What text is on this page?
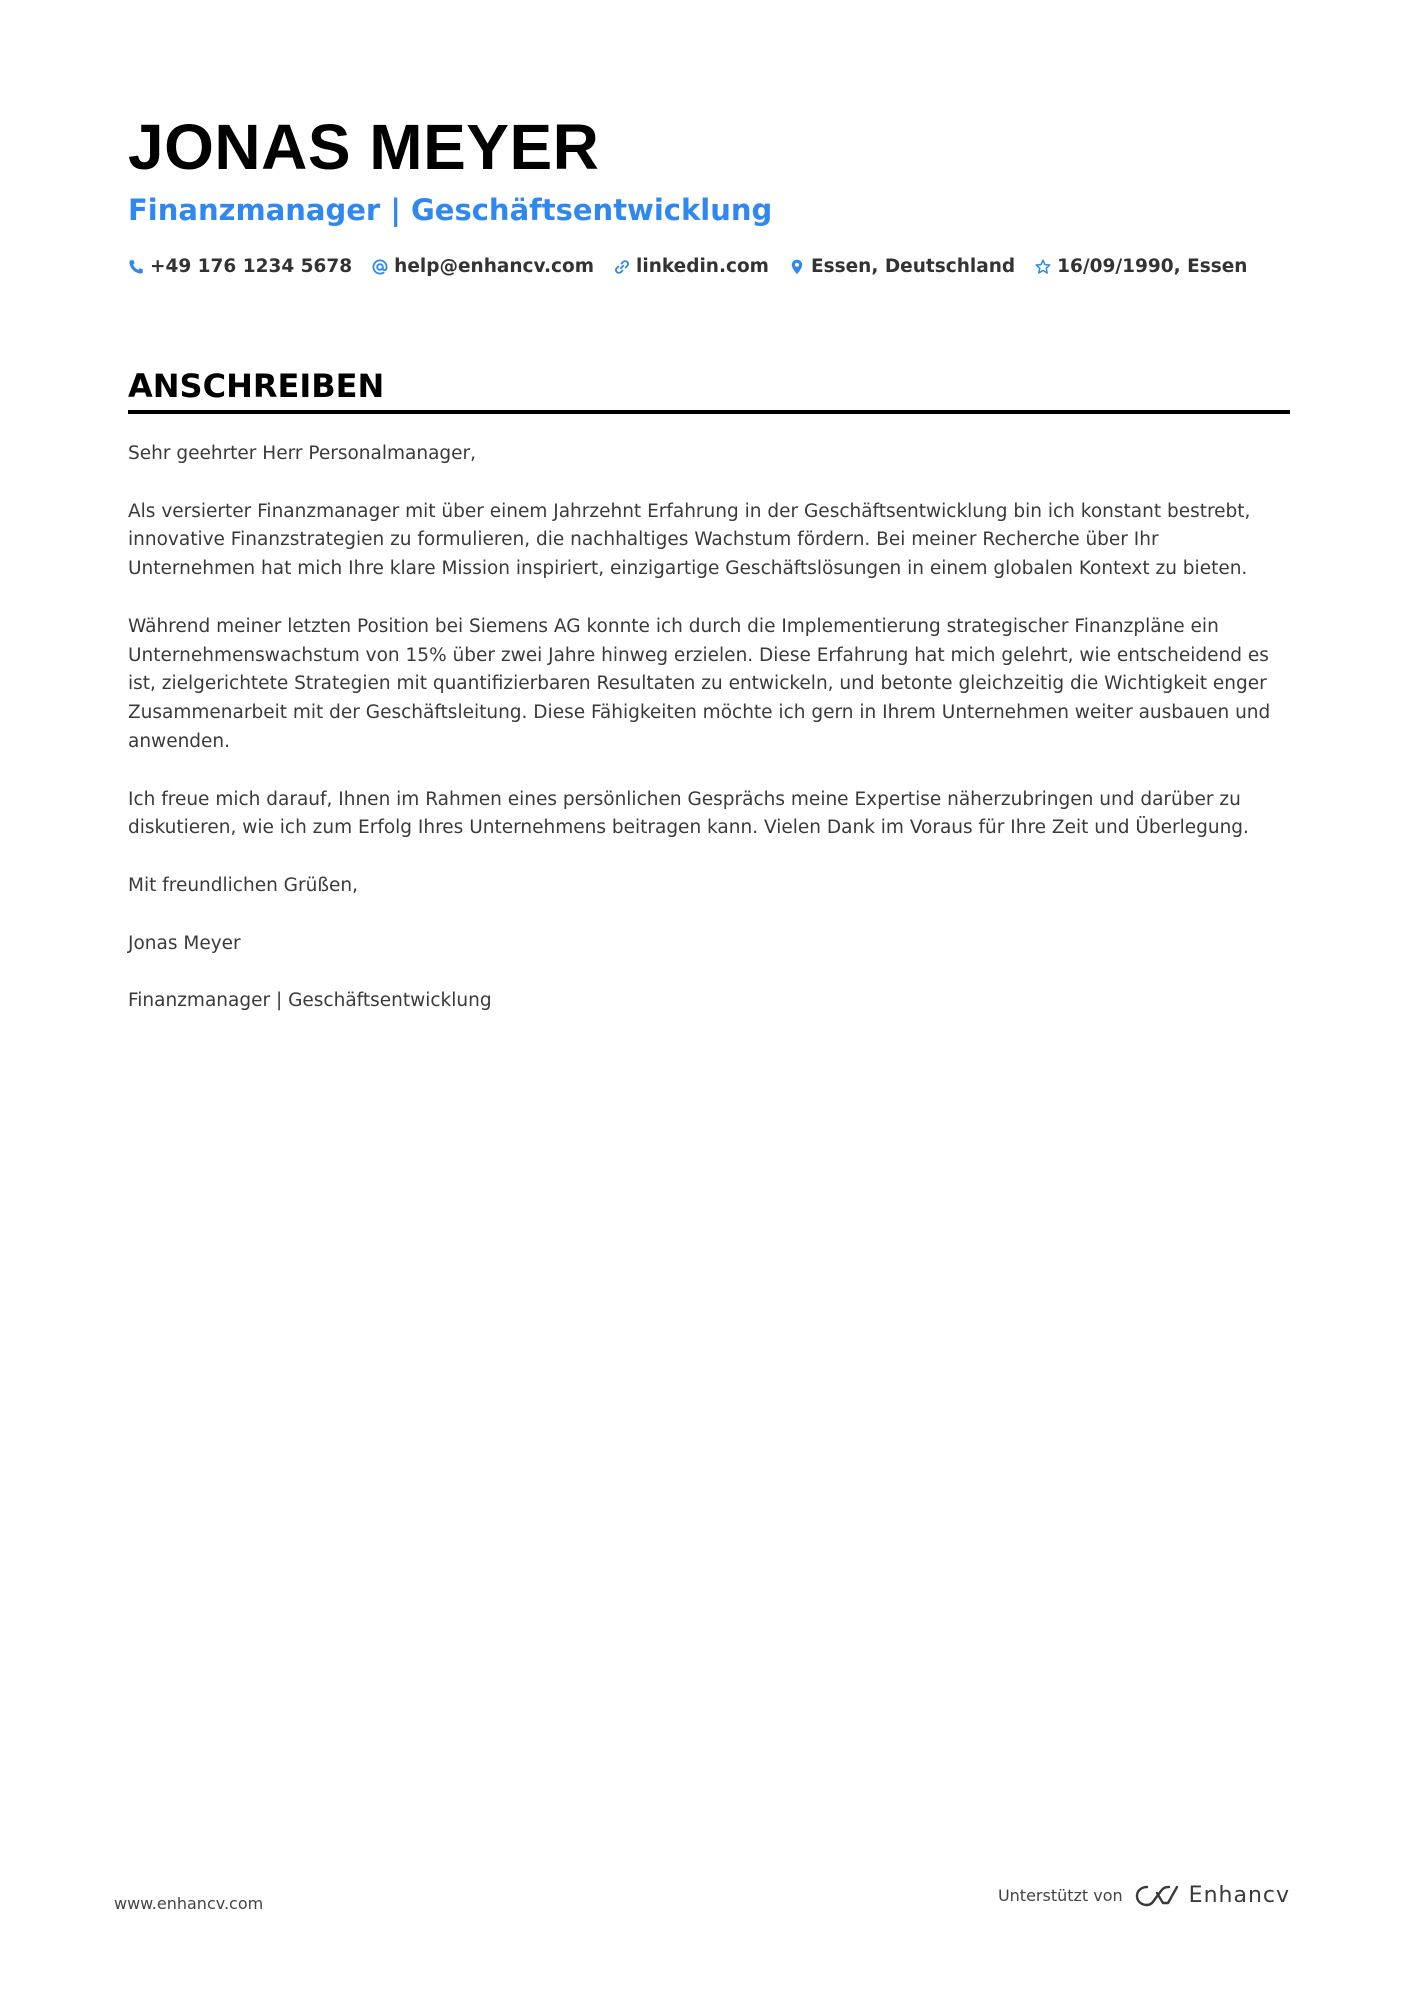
JONAS MEYER
Finanzmanager | Geschäftsentwicklung
+49 176 1234 5678 help@enhancv.com linkedin.com Essen, Deutschland 16/09/1990, Essen
ANSCHREIBEN

Sehr geehrter Herr Personalmanager,

Als versierter Finanzmanager mit über einem Jahrzehnt Erfahrung in der Geschäftsentwicklung bin ich konstant bestrebt, innovative Finanzstrategien zu formulieren, die nachhaltiges Wachstum fördern. Bei meiner Recherche über Ihr Unternehmen hat mich Ihre klare Mission inspiriert, einzigartige Geschäftslösungen in einem globalen Kontext zu bieten.

Während meiner letzten Position bei Siemens AG konnte ich durch die Implementierung strategischer Finanzpläne ein Unternehmenswachstum von 15% über zwei Jahre hinweg erzielen. Diese Erfahrung hat mich gelehrt, wie entscheidend es ist, zielgerichtete Strategien mit quantifizierbaren Resultaten zu entwickeln, und betonte gleichzeitig die Wichtigkeit enger Zusammenarbeit mit der Geschäftsleitung. Diese Fähigkeiten möchte ich gern in Ihrem Unternehmen weiter ausbauen und anwenden.

Ich freue mich darauf, Ihnen im Rahmen eines persönlichen Gesprächs meine Expertise näherzubringen und darüber zu diskutieren, wie ich zum Erfolg Ihres Unternehmens beitragen kann. Vielen Dank im Voraus für Ihre Zeit und Überlegung.

Mit freundlichen Grüßen,

Jonas Meyer

Finanzmanager | Geschäftsentwicklung

www.enhancv.com	Unterstützt von	Enhancv
